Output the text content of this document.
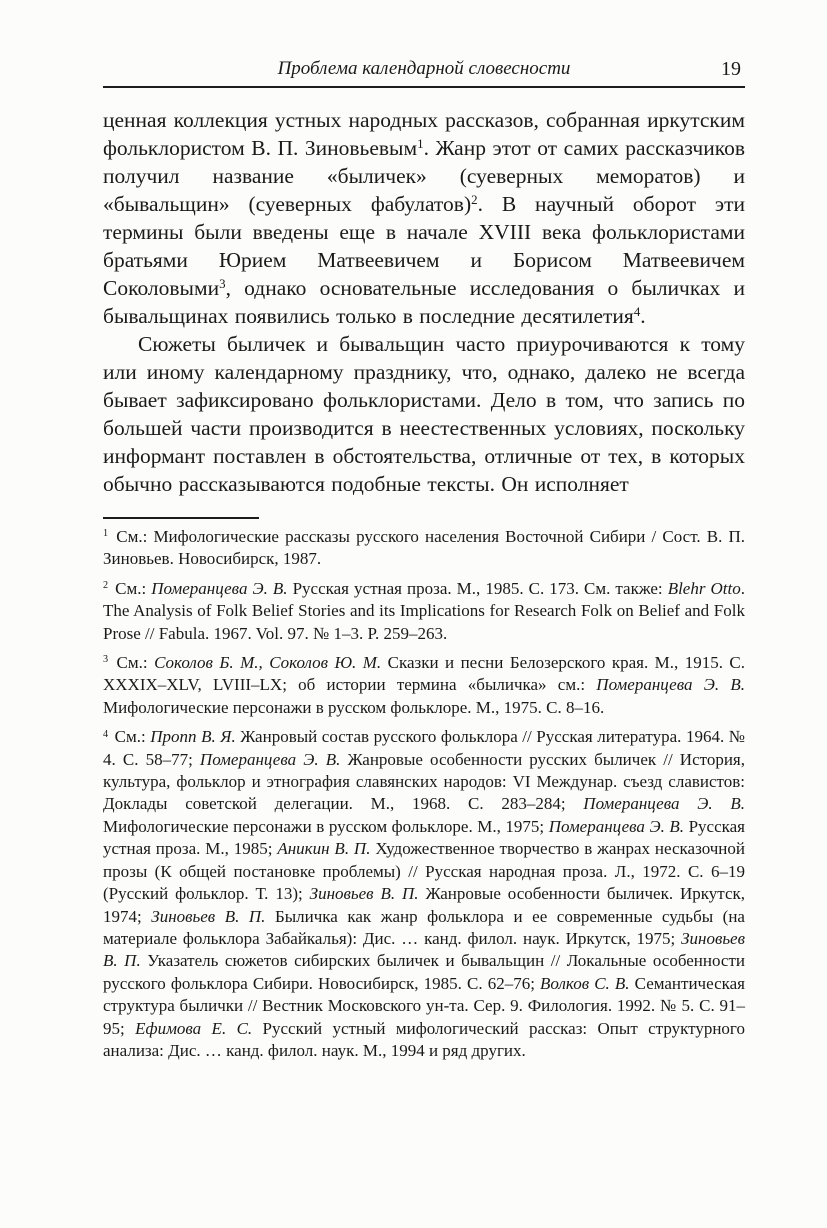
Проблема календарной словесности	19

ценная коллекция устных народных рассказов, собранная иркутским фольклористом В. П. Зиновьевым$^1$. Жанр этот от самих рассказчиков получил название «быличек» (суеверных меморатов) и «бывальщин» (суеверных фабулатов)$^2$. В научный оборот эти термины были введены еще в начале XVIII века фольклористами братьями Юрием Матвеевичем и Борисом Матвеевичем Соколовыми$^3$, однако основательные исследования о быличках и бывальщинах появились только в последние десятилетия$^4$.

Сюжеты быличек и бывальщин часто приурочиваются к тому или иному календарному празднику, что, однако, далеко не всегда бывает зафиксировано фольклористами. Дело в том, что запись по большей части производится в неестественных условиях, поскольку информант поставлен в обстоятельства, отличные от тех, в которых обычно рассказываются подобные тексты. Он исполняет

$^1$ См.: Мифологические рассказы русского населения Восточной Сибири / Сост. В. П. Зиновьев. Новосибирск, 1987.

$^2$ См.: Померанцева Э. В. Русская устная проза. М., 1985. С. 173. См. также: Blehr Otto. The Analysis of Folk Belief Stories and its Implications for Research Folk on Belief and Folk Prose // Fabula. 1967. Vol. 97. № 1–3. P. 259–263.

$^3$ См.: Соколов Б. М., Соколов Ю. М. Сказки и песни Белозерского края. М., 1915. С. XXXIX–XLV, LVIII–LX; об истории термина «быличка» см.: Померанцева Э. В. Мифологические персонажи в русском фольклоре. М., 1975. С. 8–16.

$^4$ См.: Пропп В. Я. Жанровый состав русского фольклора // Русская литература. 1964. № 4. С. 58–77; Померанцева Э. В. Жанровые особенности русских быличек // История, культура, фольклор и этнография славянских народов: VI Междунар. съезд славистов: Доклады советской делегации. М., 1968. С. 283–284; Померанцева Э. В. Мифологические персонажи в русском фольклоре. М., 1975; Померанцева Э. В. Русская устная проза. М., 1985; Аникин В. П. Художественное творчество в жанрах несказочной прозы (К общей постановке проблемы) // Русская народная проза. Л., 1972. С. 6–19 (Русский фольклор. Т. 13); Зиновьев В. П. Жанровые особенности быличек. Иркутск, 1974; Зиновьев В. П. Быличка как жанр фольклора и ее современные судьбы (на материале фольклора Забайкалья): Дис. … канд. филол. наук. Иркутск, 1975; Зиновьев В. П. Указатель сюжетов сибирских быличек и бывальщин // Локальные особенности русского фольклора Сибири. Новосибирск, 1985. С. 62–76; Волков С. В. Семантическая структура былички // Вестник Московского ун-та. Сер. 9. Филология. 1992. № 5. С. 91–95; Ефимова Е. С. Русский устный мифологический рассказ: Опыт структурного анализа: Дис. … канд. филол. наук. М., 1994 и ряд других.
